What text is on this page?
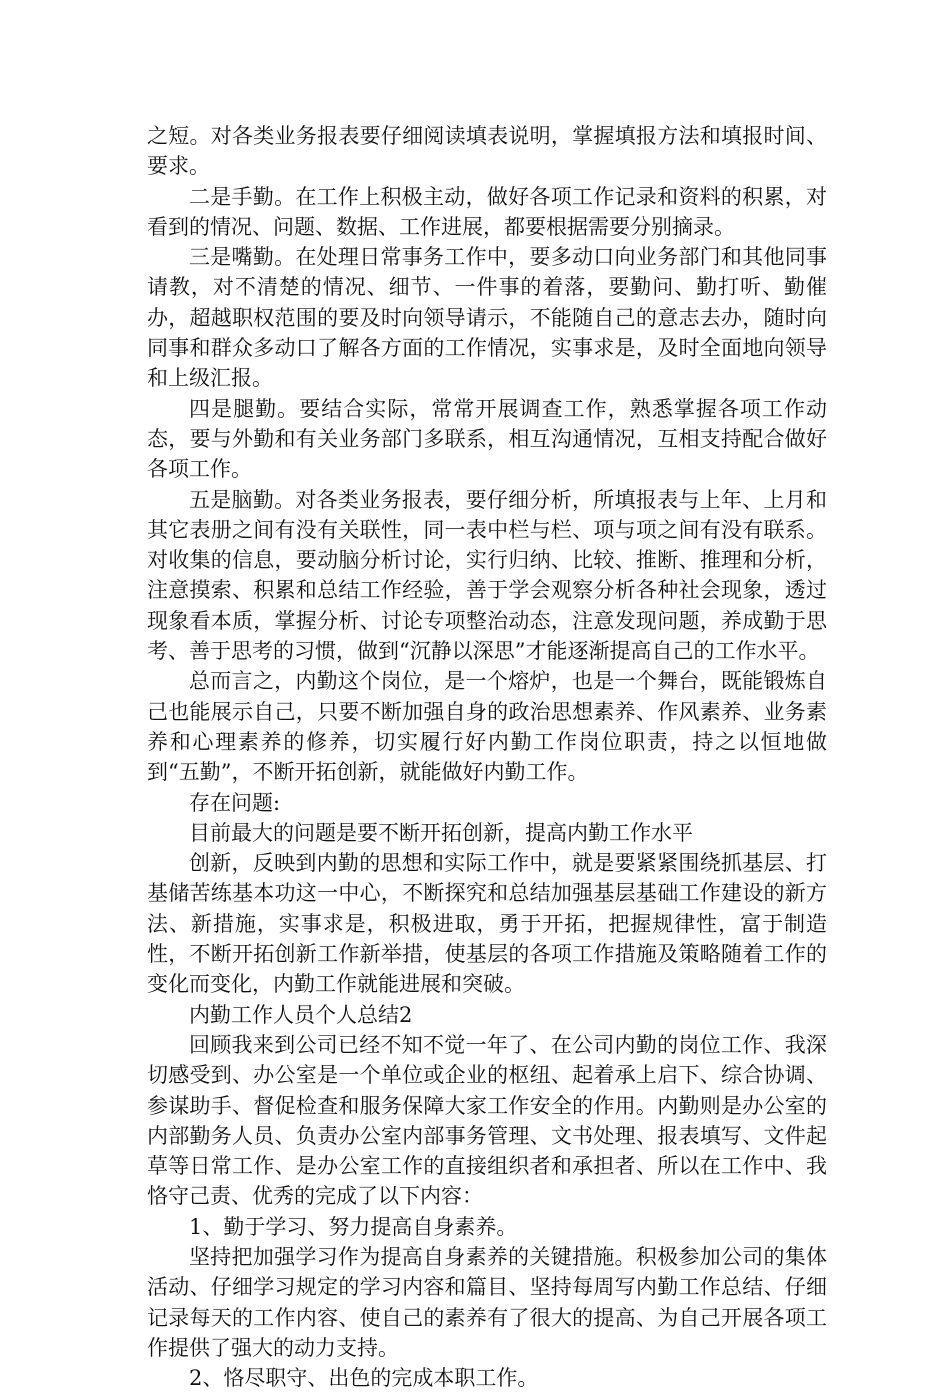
之短。对各类业务报表要仔细阅读填表说明，掌握填报方法和填报时间、要求。

二是手勤。在工作上积极主动，做好各项工作记录和资料的积累，对看到的情况、问题、数据、工作进展，都要根据需要分别摘录。

三是嘴勤。在处理日常事务工作中，要多动口向业务部门和其他同事请教，对不清楚的情况、细节、一件事的着落，要勤问、勤打听、勤催办，超越职权范围的要及时向领导请示，不能随自己的意志去办，随时向同事和群众多动口了解各方面的工作情况，实事求是，及时全面地向领导和上级汇报。

四是腿勤。要结合实际，常常开展调查工作，熟悉掌握各项工作动态，要与外勤和有关业务部门多联系，相互沟通情况，互相支持配合做好各项工作。

五是脑勤。对各类业务报表，要仔细分析，所填报表与上年、上月和其它表册之间有没有关联性，同一表中栏与栏、项与项之间有没有联系。对收集的信息，要动脑分析讨论，实行归纳、比较、推断、推理和分析，注意摸索、积累和总结工作经验，善于学会观察分析各种社会现象，透过现象看本质，掌握分析、讨论专项整治动态，注意发现问题，养成勤于思考、善于思考的习惯，做到“沉静以深思”才能逐渐提高自己的工作水平。

总而言之，内勤这个岗位，是一个熔炉，也是一个舞台，既能锻炼自己也能展示自己，只要不断加强自身的政治思想素养、作风素养、业务素养和心理素养的修养，切实履行好内勤工作岗位职责，持之以恒地做到“五勤”，不断开拓创新，就能做好内勤工作。

存在问题:

目前最大的问题是要不断开拓创新，提高内勤工作水平

创新，反映到内勤的思想和实际工作中，就是要紧紧围绕抓基层、打基储苦练基本功这一中心，不断探究和总结加强基层基础工作建设的新方法、新措施，实事求是，积极进取，勇于开拓，把握规律性，富于制造性，不断开拓创新工作新举措，使基层的各项工作措施及策略随着工作的变化而变化，内勤工作就能进展和突破。

内勤工作人员个人总结2

回顾我来到公司已经不知不觉一年了、在公司内勤的岗位工作、我深切感受到、办公室是一个单位或企业的枢纽、起着承上启下、综合协调、参谋助手、督促检查和服务保障大家工作安全的作用。内勤则是办公室的内部勤务人员、负责办公室内部事务管理、文书处理、报表填写、文件起草等日常工作、是办公室工作的直接组织者和承担者、所以在工作中、我恪守己责、优秀的完成了以下内容：

1、勤于学习、努力提高自身素养。

坚持把加强学习作为提高自身素养的关键措施。积极参加公司的集体活动、仔细学习规定的学习内容和篇目、坚持每周写内勤工作总结、仔细记录每天的工作内容、使自己的素养有了很大的提高、为自己开展各项工作提供了强大的动力支持。

2、恪尽职守、出色的完成本职工作。
